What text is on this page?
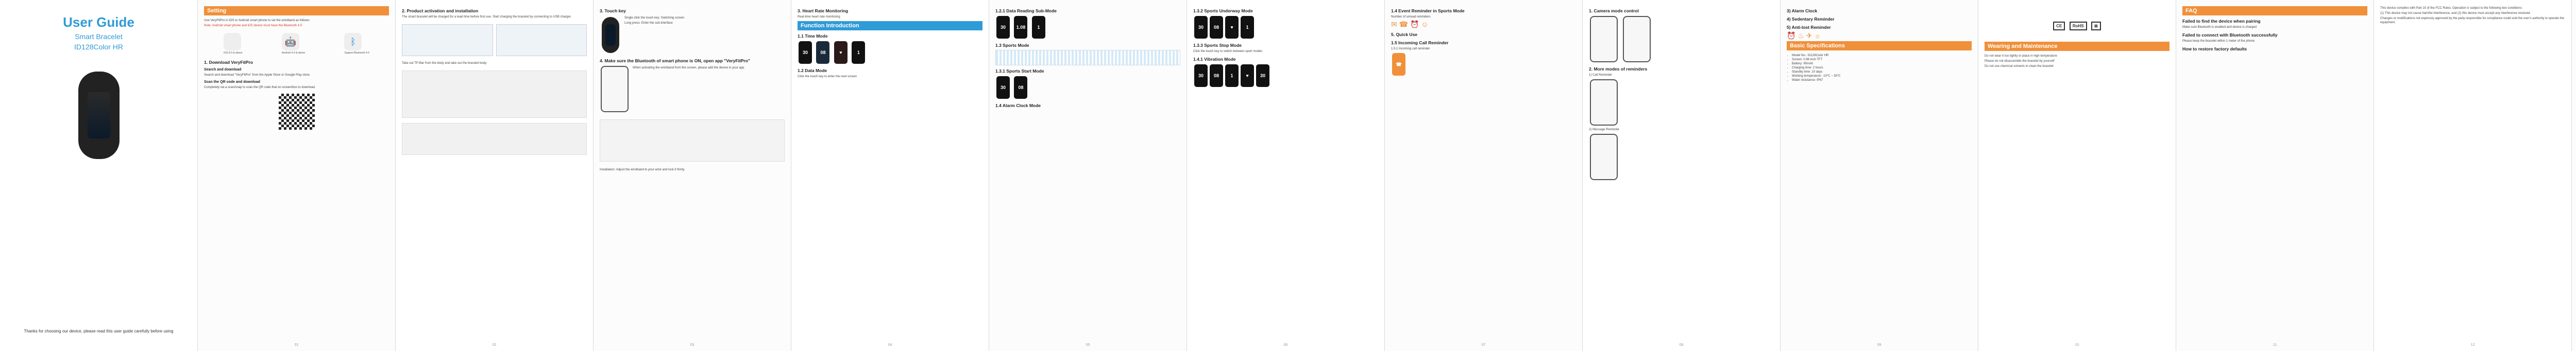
User Guide
Smart Bracelet
ID128Color HR
Thanks for choosing our device, please read this user guide carefully before using
Setting
Use VeryFitPro in iOS or Android smart phone to set the wristband as follows:
Note: Android smart phone and iOS device must have the Bluetooth 4.0
iOS 8.0 & above
🤖
Android 4.4 & above
ᛒ
Support Bluetooth 4.0
1. Download VeryFitPro
Search and download
Search and download "VeryFitPro" from the Apple Store or Google Play store.
Scan the QR code and download
Completely via a scan/snap to scan the QR code that on screen/box to download.
01
2. Product activation and installation
The smart bracelet will be charged for a lead time before first use. Start charging the bracelet by connecting to USB charger.
Take out TP-Bar from the body and take out the bracelet body.
02
3. Touch key
Single click the touch key: Switching screen
Long press: Enter the sub-interface
4. Make sure the Bluetooth of smart phone is ON, open app "VeryFitPro"
When activating the wristband from the screen, please add the device in your app
Installation: Adjust the wristband to your wrist and lock it firmly.
03
3. Heart Rate Monitoring
Real-time heart rate monitoring
Function Introduction
1.1 Time Mode
30	08	♥	1
1.2 Data Mode
Click the touch key to enter the next screen
04
1.2.1 Data Reading Sub-Mode
30 1.08	1
1.3 Sports Mode
1.3.1 Sports Start Mode
30	08
1.4 Alarm Clock Mode
05
1.3.2 Sports Underway Mode
30 08 ♥	1
1.3.3 Sports Stop Mode
Click the touch key to switch between sport modes
1.4.1 Vibration Mode
30 08 1	♥ 30
06
1.4 Event Reminder in Sports Mode
Number of unread reminders
✉ ☎ ⏰ ☺
5. Quick Use
1.5 Incoming Call Reminder
1.5.1 Incoming call reminder
☎
07
1. Camera mode control
2. More modes of reminders
1) Call Reminder
2) Message Reminder
08
3) Alarm Clock
4) Sedentary Reminder
5) Anti-lost Reminder
⏰ ♨ ✈ ☼
Basic Specifications
• Model No.: ID128Color HR
• Screen: 0.96 inch TFT
• Battery: 90mAh
• Charging time: 2 hours
• Standby time: 10 days
• Working temperature: -10℃ ~ 50℃
• Water resistance: IP67
09
CE	RoHS	⊠
Wearing and Maintenance
Do not wear it too tightly or place in high temperature
Please do not disassemble the bracelet by yourself
Do not use chemical solvents to clean the bracelet
10
FAQ
Failed to find the device when pairing
Make sure Bluetooth is enabled and device is charged
Failed to connect with Bluetooth successfully
Please keep the bracelet within 1 meter of the phone
How to restore factory defaults
11
This device complies with Part 15 of the FCC Rules. Operation is subject to the following two conditions:
(1) This device may not cause harmful interference, and (2) this device must accept any interference received.
Changes or modifications not expressly approved by the party responsible for compliance could void the user's authority to operate the equipment.
12
